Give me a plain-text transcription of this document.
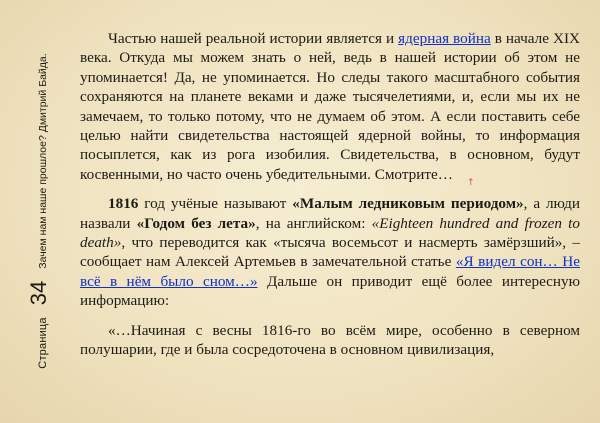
Страница
34
Зачем нам наше прошлое? Дмитрий Байда.

Частью нашей реальной истории является и ядерная война в начале XIX века. Откуда мы можем знать о ней, ведь в нашей истории об этом не упоминается! Да, не упоминается. Но следы такого масштабного события сохраняются на планете веками и даже тысячелетиями, и, если мы их не замечаем, то только потому, что не думаем об этом. А если поставить себе целью найти свидетельства настоящей ядерной войны, то информация посыплется, как из рога изобилия. Свидетельства, в основном, будут косвенными, но часто очень убедительными. Смотрите…

1816 год учёные называют «Малым ледниковым периодом», а люди назвали «Годом без лета», на английском: «Eighteen hundred and frozen to death», что переводится как «тысяча восемьсот и насмерть замёрзший», – сообщает нам Алексей Артемьев в замечательной статье «Я видел сон… Не всё в нём было сном…» Дальше он приводит ещё более интересную информацию:

«…Начиная с весны 1816-го во всём мире, особенно в северном полушарии, где и была сосредоточена в основном цивилизация,

↑
